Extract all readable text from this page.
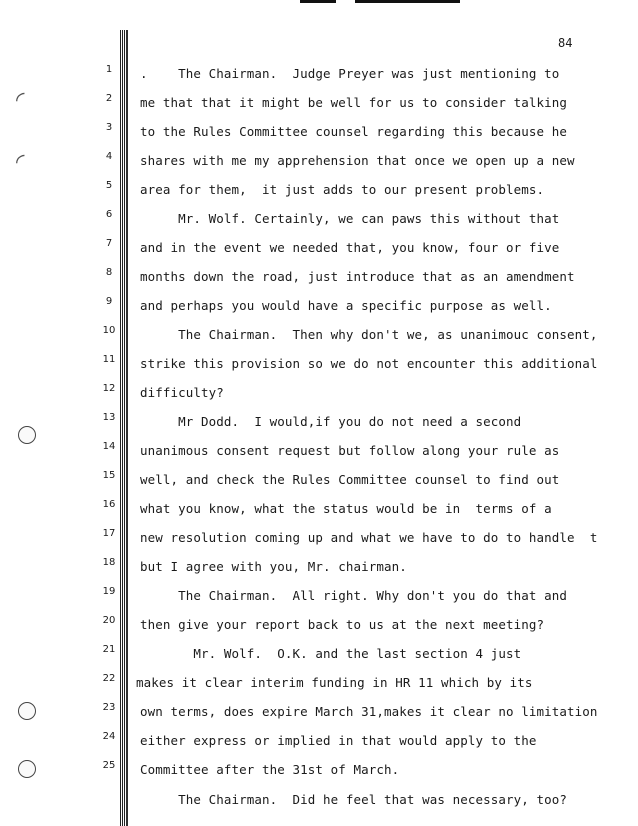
84
◜
◜
1
2
3
4
5
6
7
8
9
10
11
12
13
14
15
16
17
18
19
20
21
22
23
24
25
.    The Chairman.  Judge Preyer was just mentioning to
me that that it might be well for us to consider talking
to the Rules Committee counsel regarding this because he
shares with me my apprehension that once we open up a new
area for them,  it just adds to our present problems.
Mr. Wolf. Certainly, we can paws this without that
and in the event we needed that, you know, four or five
months down the road, just introduce that as an amendment
and perhaps you would have a specific purpose as well.
The Chairman.  Then why don't we, as unanimouc consent,
strike this provision so we do not encounter this additional
difficulty?
Mr Dodd.  I would,if you do not need a second
unanimous consent request but follow along your rule as
well, and check the Rules Committee counsel to find out
what you know, what the status would be in  terms of a
new resolution coming up and what we have to do to handle  t
but I agree with you, Mr. chairman.
The Chairman.  All right. Why don't you do that and
then give your report back to us at the next meeting?
Mr. Wolf.  O.K. and the last section 4 just
makes it clear interim funding in HR 11 which by its
own terms, does expire March 31,makes it clear no limitation
either express or implied in that would apply to the
Committee after the 31st of March.
The Chairman.  Did he feel that was necessary, too?
